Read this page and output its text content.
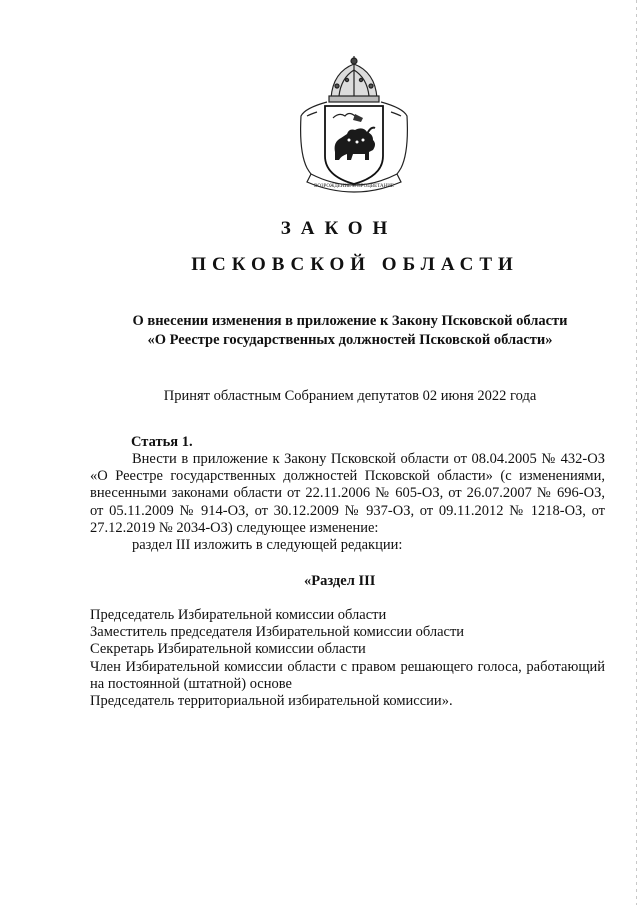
ВОЗРОЖДЕНИЕ И ПРОЦВЕТАНИЕ
ЗАКОН
ПСКОВСКОЙ ОБЛАСТИ
О внесении изменения в приложение к Закону Псковской области
«О Реестре государственных должностей Псковской области»
Принят областным Собранием депутатов 02 июня 2022 года
Статья 1.

Внести в приложение к Закону Псковской области от 08.04.2005 № 432-ОЗ «О Реестре государственных должностей Псковской области» (с изменениями, внесенными законами области от 22.11.2006 № 605-ОЗ, от 26.07.2007 № 696-ОЗ, от 05.11.2009 № 914-ОЗ, от 30.12.2009 № 937-ОЗ, от 09.11.2012 № 1218-ОЗ, от 27.12.2019 № 2034-ОЗ) следующее изменение:

раздел III изложить в следующей редакции:

«Раздел III
Председатель Избирательной комиссии области
Заместитель председателя Избирательной комиссии области
Секретарь Избирательной комиссии области
Член Избирательной комиссии области с правом решающего голоса, работающий на постоянной (штатной) основе
Председатель территориальной избирательной комиссии».
